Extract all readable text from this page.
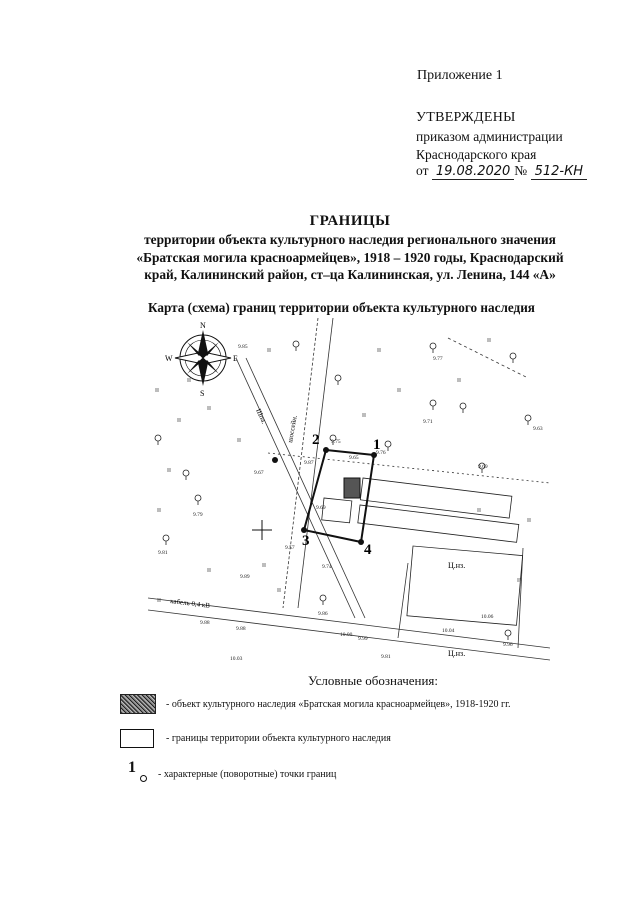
Приложение 1
УТВЕРЖДЕНЫ
приказом администрации
Краснодарского края
от 19.08.2020 № 512-КН
ГРАНИЦЫ
территории объекта культурного наследия регионального значения
«Братская могила красноармейцев», 1918 – 1920 годы, Краснодарский
край, Калининский район, ст–ца Калининская, ул. Ленина, 144 «А»
Карта (схема) границ территории объекта культурного наследия
N
S
W	E
шоссейн.
Шпа.
кабель 0,4 кВ
Ц.нз.
Ц.нз.
1
2
3
4
9.85
9.77
9.76
9.71
9.63
9.69
9.75
9.65
9.87
9.67
9.69
9.79
9.57
9.81
9.74
9.89
9.88
9.88
9.86
9.99
10.00
10.06
10.04
9.96
10.03	9.81
Условные обозначения:
- объект культурного наследия «Братская могила красноармейцев», 1918-1920 гг.
- границы территории объекта культурного наследия
1 - характерные (поворотные) точки границ
